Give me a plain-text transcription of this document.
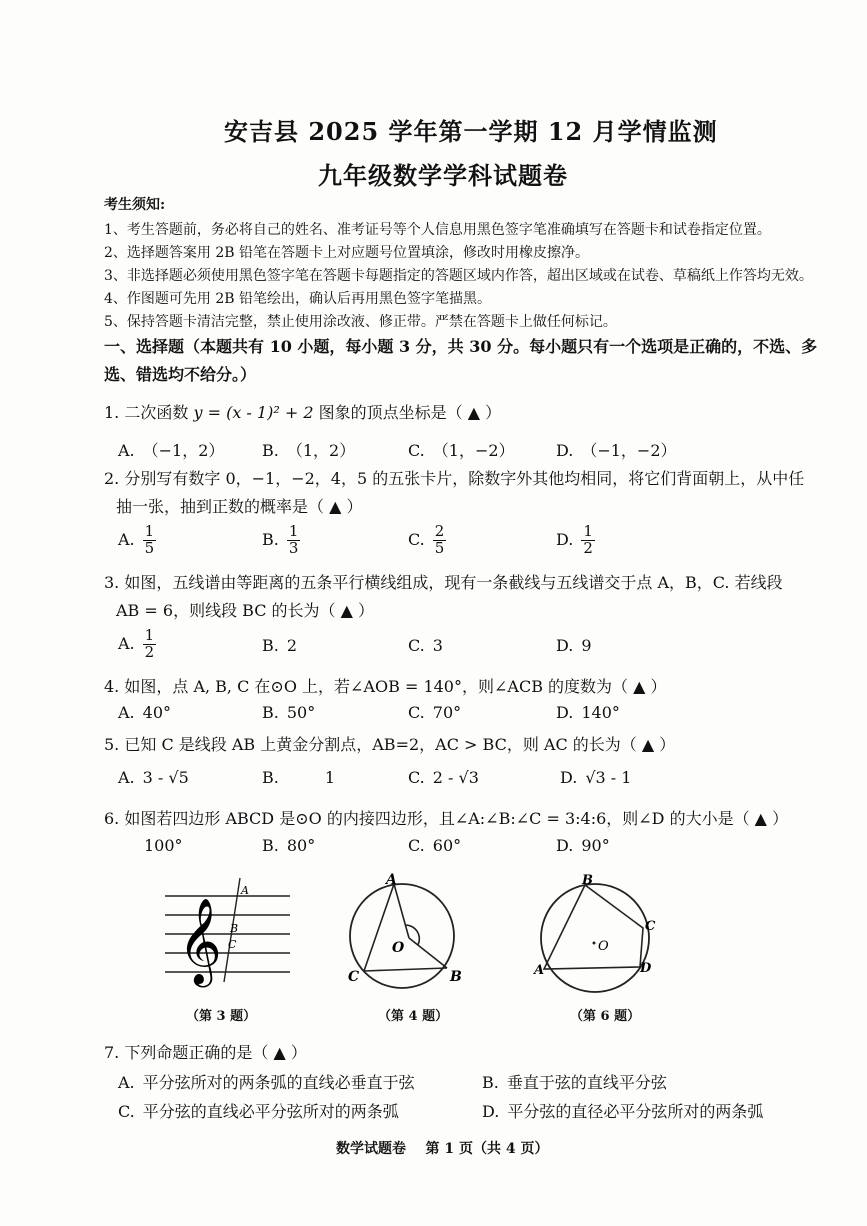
安吉县 2025 学年第一学期 12 月学情监测
九年级数学学科试题卷
考生须知:
1、考生答题前，务必将自己的姓名、准考证号等个人信息用黑色签字笔准确填写在答题卡和试卷指定位置。
2、选择题答案用 2B 铅笔在答题卡上对应题号位置填涂，修改时用橡皮擦净。
3、非选择题必须使用黑色签字笔在答题卡每题指定的答题区域内作答，超出区域或在试卷、草稿纸上作答均无效。
4、作图题可先用 2B 铅笔绘出，确认后再用黑色签字笔描黑。
5、保持答题卡清洁完整，禁止使用涂改液、修正带。严禁在答题卡上做任何标记。
一、选择题（本题共有 10 小题，每小题 3 分，共 30 分。每小题只有一个选项是正确的，不选、多
选、错选均不给分。）
1. 二次函数 y = (x - 1)² + 2 图象的顶点坐标是（ ▲ ）
A. （−1，2） B. （1，2）	C. （1，−2）	D. （−1，−2）
2. 分别写有数字 0，−1，−2，4，5 的五张卡片，除数字外其他均相同，将它们背面朝上，从中任
抽一张，抽到正数的概率是（ ▲ ）
A. $\frac{1}{5}$	B. $\frac{1}{3}$	C. $\frac{2}{5}$	D. $\frac{1}{2}$
3. 如图，五线谱由等距离的五条平行横线组成，现有一条截线与五线谱交于点 A，B，C. 若线段
AB = 6，则线段 BC 的长为（ ▲ ）
A. $\frac{1}{2}$	B. 2	C. 3	D. 9
4. 如图，点 A, B, C 在⊙O 上，若∠AOB = 140°，则∠ACB 的度数为（ ▲ ）
A. 40°	B. 50°	C. 70°	D. 140°
5. 已知 C 是线段 AB 上黄金分割点，AB=2，AC > BC，则 AC 的长为（ ▲ ）
A. 3 - √5	B.	1	C. 2 - √3	D. √3 - 1
6. 如图若四边形 ABCD 是⊙O 的内接四边形，且∠A:∠B:∠C = 3:4:6，则∠D 的大小是（ ▲ ）
100°	B. 80°	C. 60°	D. 90°
𝄞
A
B
C
A
O
C	B
B
C
O
A	D
（第 3 题）	（第 4 题）	（第 6 题）
7. 下列命题正确的是（ ▲ ）
A. 平分弦所对的两条弧的直线必垂直于弦	B. 垂直于弦的直线平分弦
C. 平分弦的直线必平分弦所对的两条弧	D. 平分弦的直径必平分弦所对的两条弧
数学试题卷    第 1 页（共 4 页）
